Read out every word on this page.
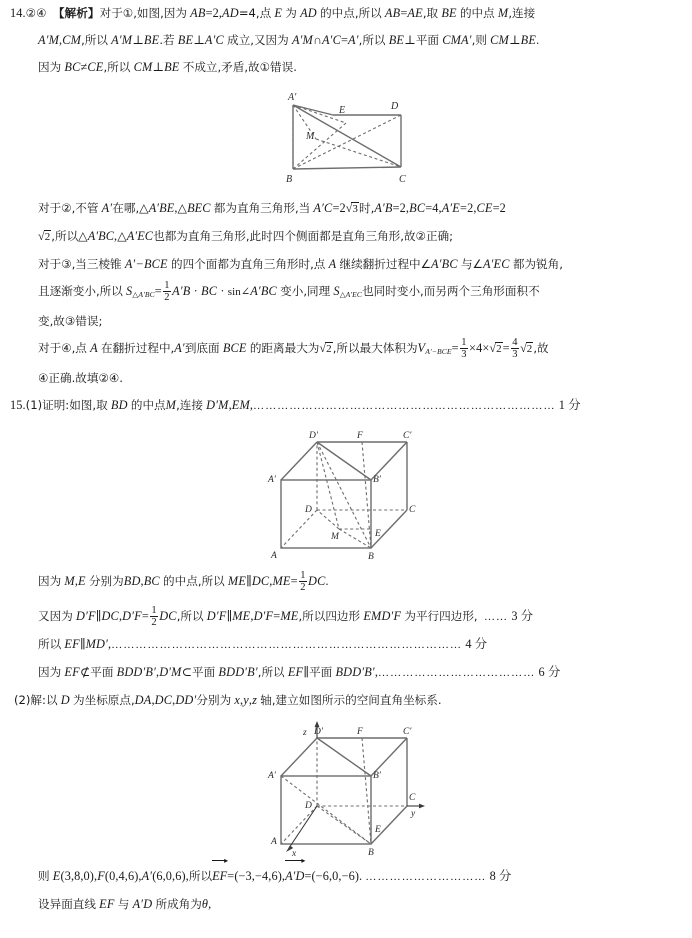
14.②④ 【解析】对于①,如图,因为 AB=2,AD=4,点 E 为 AD 的中点,所以 AB=AE,取 BE 的中点 M,连接
A′M,CM,所以 A′M⊥BE.若 BE⊥A′C 成立,又因为 A′M∩A′C=A′,所以 BE⊥平面 CMA′,则 CM⊥BE.
因为 BC≠CE,所以 CM⊥BE 不成立,矛盾,故①错误.
A′
D
E
M
B	C
对于②,不管 A′在哪,△A′BE,△BEC 都为直角三角形,当 A′C=2√3时,A′B=2,BC=4,A′E=2,CE=2
√2,所以△A′BC,△A′EC也都为直角三角形,此时四个侧面都是直角三角形,故②正确;
对于③,当三棱锥 A′−BCE 的四个面都为直角三角形时,点 A 继续翻折过程中∠A′BC 与∠A′EC 都为锐角,
且逐渐变小,所以 $S_{\triangle A'BC}= \frac{1}{2} A'B$ · BC · sin∠A′BC 变小,同理 $S_{\triangle A'EC}$也同时变小,而另两个三角形面积不
变,故③错误;
对于④,点 A 在翻折过程中,A′到底面 BCE 的距离最大为√2,所以最大体积为$V_{A'-BCE}= \frac{1}{3} \times 4\times√2= \frac{4}{3} √2$,故
④正确.故填②④.
15.(1)证明:如图,取 BD 的中点M,连接 D′M,EM,………………………………………………………………… 1 分
D′	F	C′
A′	B′
D	C
M	E
A	B
因为 M,E 分别为BD,BC 的中点,所以 ME∥DC,ME= $\frac{1}{2}$ DC.
又因为 D′F∥DC,D′F= $\frac{1}{2}$ DC,所以 D′F∥ME,D′F=ME,所以四边形 EMD′F 为平行四边形, …… 3 分
所以 EF∥MD′,…………………………………………………………………………… 4 分
因为 EF⊄平面 BDD′B′,D′M⊂平面 BDD′B′,所以 EF∥平面 BDD′B′,………………………………… 6 分
(2)解:以 D 为坐标原点,DA,DC,DD′分别为 x,y,z 轴,建立如图所示的空间直角坐标系.
z D′	F	C′
A′	B′
D
C
y
A
x	B
E
则 E(3,8,0),F(0,4,6),A′(6,0,6),所以EF
▸
=(−3,−4,6),A′D
▸
=(−6,0,−6). ………………………… 8 分
设异面直线 EF 与 A′D 所成角为θ,
